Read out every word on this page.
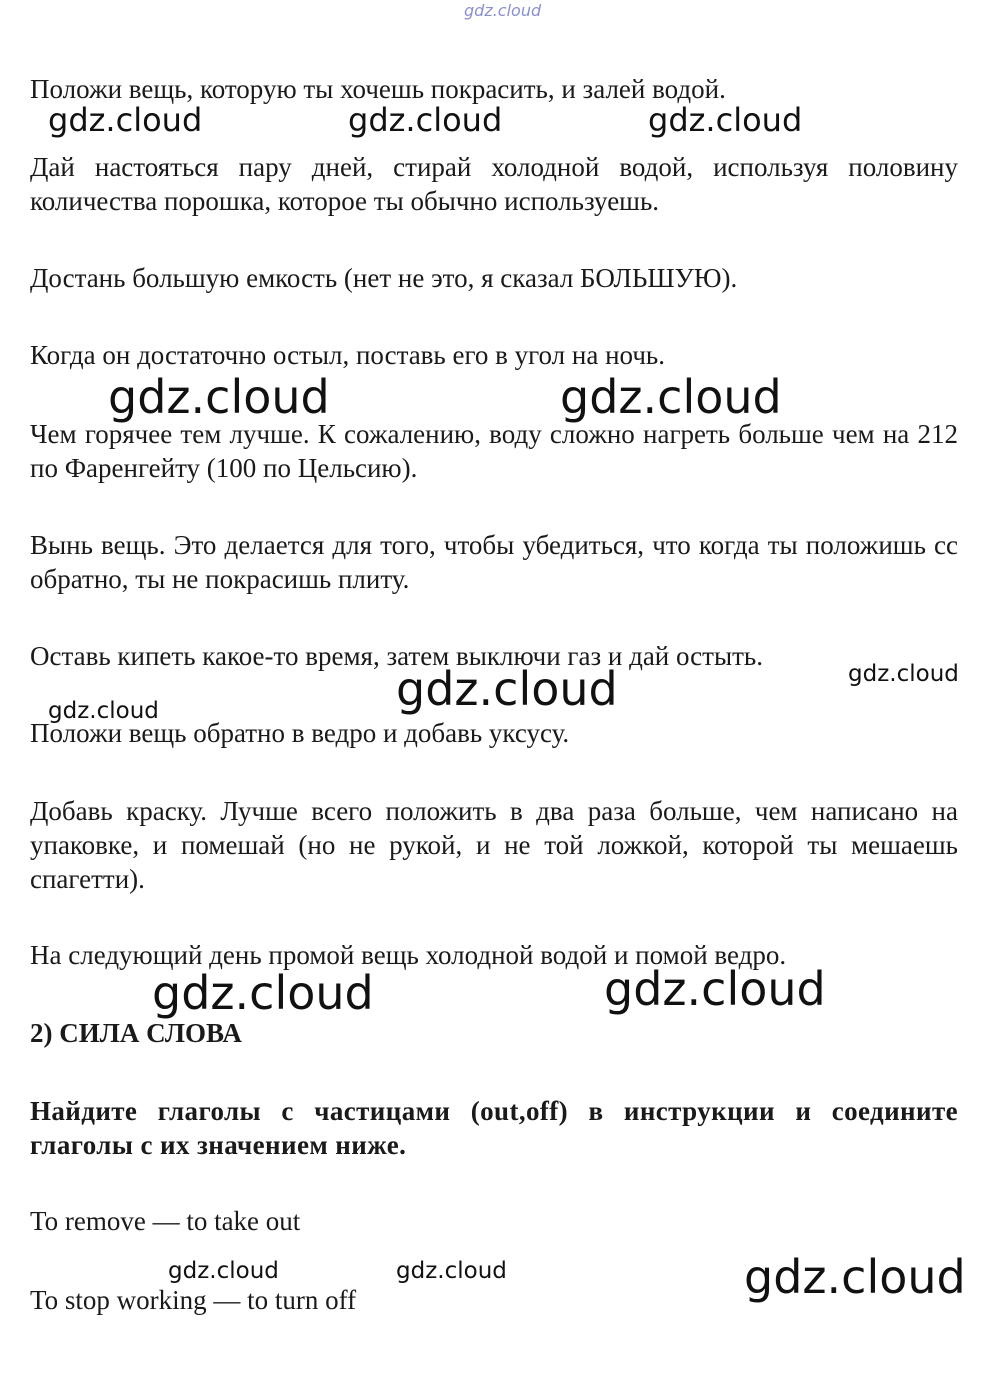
gdz.cloud

Положи вещь, которую ты хочешь покрасить, и залей водой.

gdz.cloud	gdz.cloud	gdz.cloud

Дай настояться пару дней, стирай холодной водой, используя половину количества порошка, которое ты обычно используешь.

Достань большую емкость (нет не это, я сказал БОЛЬШУЮ).

Когда он достаточно остыл, поставь его в угол на ночь.

gdz.cloud	gdz.cloud

Чем горячее тем лучше. К сожалению, воду сложно нагреть больше чем на 212 по Фаренгейту (100 по Цельсию).

Вынь вещь. Это делается для того, чтобы убедиться, что когда ты положишь сс обратно, ты не покрасишь плиту.

Оставь кипеть какое-то время, затем выключи газ и дай остыть.

gdz.cloud
gdz.cloud
gdz.cloud

Положи вещь обратно в ведро и добавь уксусу.

Добавь краску. Лучше всего положить в два раза больше, чем написано на упаковке, и помешай (но не рукой, и не той ложкой, которой ты мешаешь спагетти).

На следующий день промой вещь холодной водой и помой ведро.

gdz.cloud	gdz.cloud
2) СИЛА СЛОВА

Найдите глаголы с частицами (out,off) в инструкции и соедините глаголы с их значением ниже.

To remove — to take out

gdz.cloud	gdz.cloud	gdz.cloud

To stop working — to turn off
